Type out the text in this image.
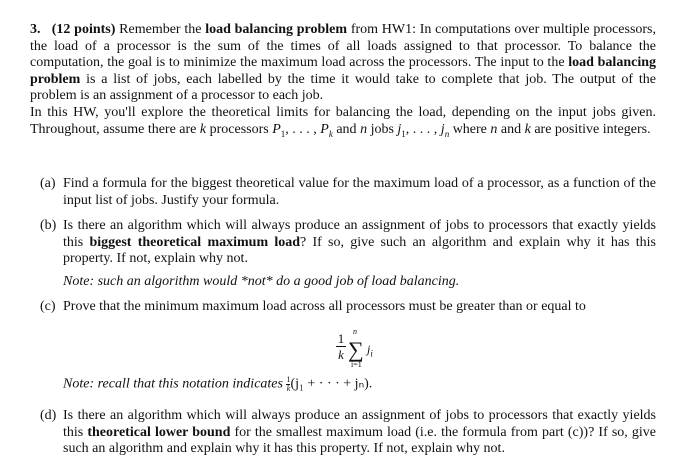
3. (12 points) Remember the load balancing problem from HW1: In computations over multiple processors, the load of a processor is the sum of the times of all loads assigned to that processor. To balance the computation, the goal is to minimize the maximum load across the processors. The input to the load balancing problem is a list of jobs, each labelled by the time it would take to complete that job. The output of the problem is an assignment of a processor to each job.
In this HW, you'll explore the theoretical limits for balancing the load, depending on the input jobs given. Throughout, assume there are k processors $P_1$, . . . , $P_k$ and n jobs $j_1$, . . . , $j_n$ where n and k are positive integers.
(a) Find a formula for the biggest theoretical value for the maximum load of a processor, as a function of the input list of jobs. Justify your formula.
(b) Is there an algorithm which will always produce an assignment of jobs to processors that exactly yields this biggest theoretical maximum load? If so, give such an algorithm and explain why it has this property. If not, explain why not.
Note: such an algorithm would *not* do a good job of load balancing.
(c) Prove that the minimum maximum load across all processors must be greater than or equal to
1
k
n
∑
i=1
$j_i$
Note: recall that this notation indicates $\frac{1}{k} (j_1$ + · · · + jₙ).
(d) Is there an algorithm which will always produce an assignment of jobs to processors that exactly yields this theoretical lower bound for the smallest maximum load (i.e. the formula from part (c))? If so, give such an algorithm and explain why it has this property. If not, explain why not.
